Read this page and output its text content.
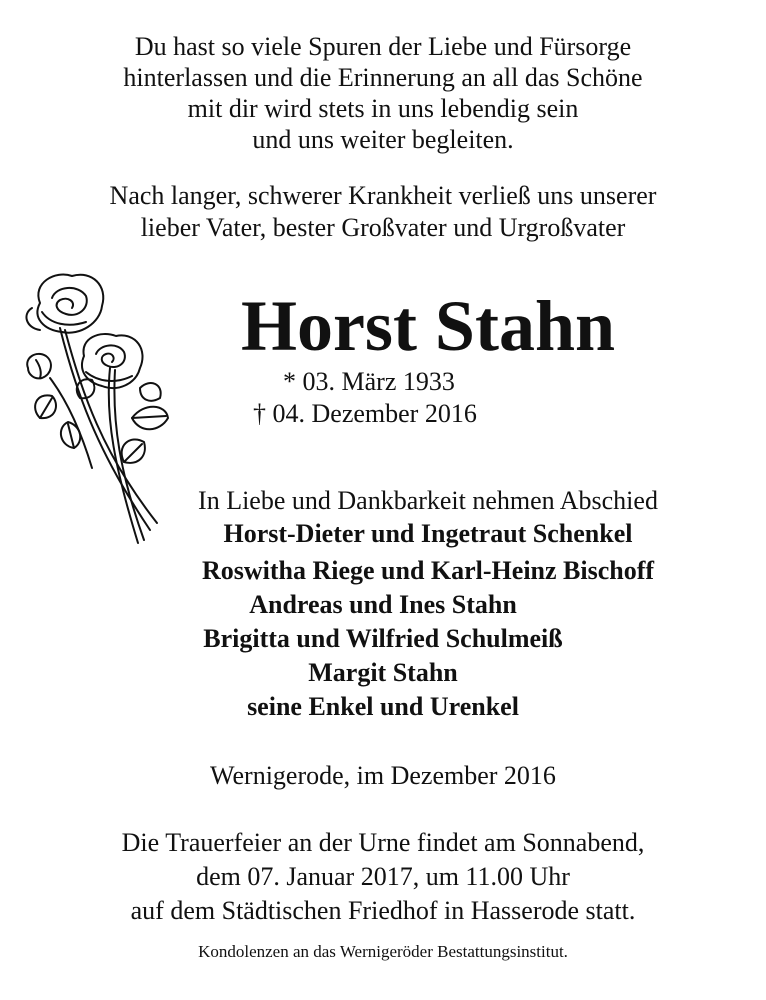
Du hast so viele Spuren der Liebe und Fürsorge
hinterlassen und die Erinnerung an all das Schöne
mit dir wird stets in uns lebendig sein
und uns weiter begleiten.
Nach langer, schwerer Krankheit verließ uns unserer
lieber Vater, bester Großvater und Urgroßvater
Horst Stahn
* 03. März 1933
† 04. Dezember 2016
In Liebe und Dankbarkeit nehmen Abschied
Horst-Dieter und Ingetraut Schenkel
Roswitha Riege und Karl-Heinz Bischoff
Andreas und Ines Stahn
Brigitta und Wilfried Schulmeiß
Margit Stahn
seine Enkel und Urenkel
Wernigerode, im Dezember 2016
Die Trauerfeier an der Urne findet am Sonnabend,
dem 07. Januar 2017, um 11.00 Uhr
auf dem Städtischen Friedhof in Hasserode statt.
Kondolenzen an das Wernigeröder Bestattungsinstitut.
